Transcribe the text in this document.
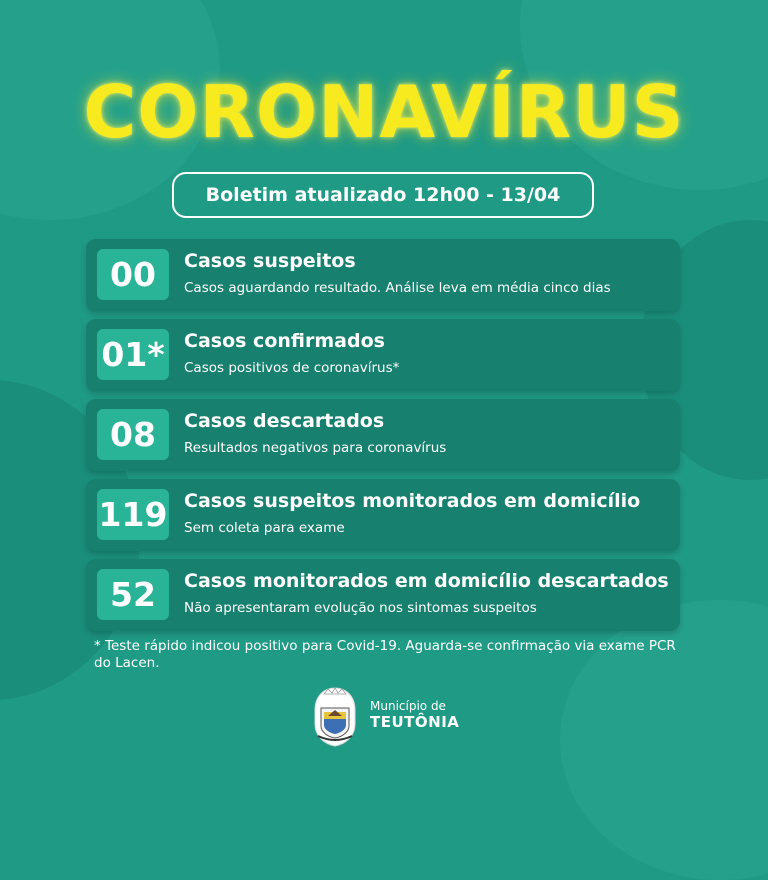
CORONAVÍRUS
Boletim atualizado 12h00 - 13/04
00	Casos suspeitos
Casos aguardando resultado. Análise leva em média cinco dias
01* Casos confirmados
Casos positivos de coronavírus*
08	Casos descartados
Resultados negativos para coronavírus
119 Casos suspeitos monitorados em domicílio
Sem coleta para exame
52	Casos monitorados em domicílio descartados
Não apresentaram evolução nos sintomas suspeitos
* Teste rápido indicou positivo para Covid-19. Aguarda-se confirmação via exame PCR do Lacen.
Município de
TEUTÔNIA
